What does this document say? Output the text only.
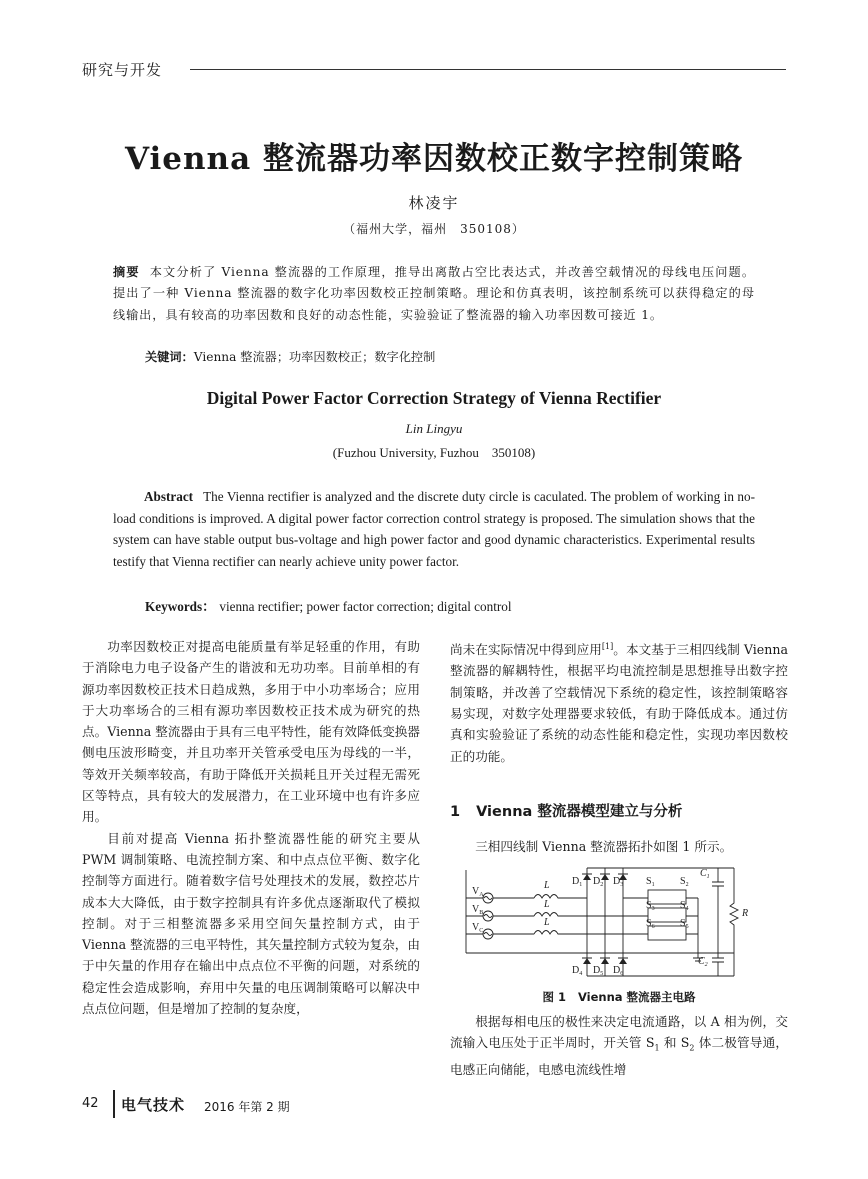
研究与开发
Vienna 整流器功率因数校正数字控制策略
林凌宇
（福州大学，福州　350108）
摘要 本文分析了 Vienna 整流器的工作原理，推导出离散占空比表达式，并改善空载情况的母线电压问题。提出了一种 Vienna 整流器的数字化功率因数校正控制策略。理论和仿真表明，该控制系统可以获得稳定的母线输出，具有较高的功率因数和良好的动态性能，实验验证了整流器的输入功率因数可接近 1。
关键词：Vienna 整流器；功率因数校正；数字化控制
Digital Power Factor Correction Strategy of Vienna Rectifier
Lin Lingyu
(Fuzhou University, Fuzhou　350108)
Abstract The Vienna rectifier is analyzed and the discrete duty circle is caculated. The problem of working in no-load conditions is improved. A digital power factor correction control strategy is proposed. The simulation shows that the system can have stable output bus-voltage and high power factor and good dynamic characteristics. Experimental results testify that Vienna rectifier can nearly achieve unity power factor.
Keywords： vienna rectifier; power factor correction; digital control

功率因数校正对提高电能质量有举足轻重的作用，有助于消除电力电子设备产生的谐波和无功功率。目前单相的有源功率因数校正技术日趋成熟，多用于中小功率场合；应用于大功率场合的三相有源功率因数校正技术成为研究的热点。Vienna 整流器由于具有三电平特性，能有效降低变换器侧电压波形畸变，并且功率开关管承受电压为母线的一半，等效开关频率较高，有助于降低开关损耗且开关过程无需死区等特点，具有较大的发展潜力，在工业环境中也有许多应用。

目前对提高 Vienna 拓扑整流器性能的研究主要从 PWM 调制策略、电流控制方案、和中点点位平衡、数字化控制等方面进行。随着数字信号处理技术的发展，数控芯片成本大大降低，由于数字控制具有许多优点逐渐取代了模拟控制。对于三相整流器多采用空间矢量控制方式，由于 Vienna 整流器的三电平特性，其矢量控制方式较为复杂，由于中矢量的作用存在输出中点点位不平衡的问题，对系统的稳定性会造成影响，弃用中矢量的电压调制策略可以解决中点点位问题，但是增加了控制的复杂度，

尚未在实际情况中得到应用[1]。本文基于三相四线制 Vienna 整流器的解耦特性，根据平均电流控制是思想推导出数字控制策略，并改善了空载情况下系统的稳定性，该控制策略容易实现，对数字处理器要求较低，有助于降低成本。通过仿真和实验验证了系统的动态性能和稳定性，实现功率因数校正的功能。

1 Vienna 整流器模型建立与分析
三相四线制 Vienna 整流器拓扑如图 1 所示。
$V_A$
$V_B$
$V_C$
L
L
L
$D_1$ $D_2$ $D_3$
$D_4$ $D_5$ $D_6$
$S_1$	$S_2$
$S_3$	$S_4$
$S_6$	$S_5$
$C_1$
$C_2$
R
图 1 Vienna 整流器主电路

根据每相电压的极性来决定电流通路，以 A 相为例，交流输入电压处于正半周时，开关管 $S_1$ 和 $S_2$ 体二极管导通，电感正向储能，电感电流线性增

42 电气技术 2016 年第 2 期
